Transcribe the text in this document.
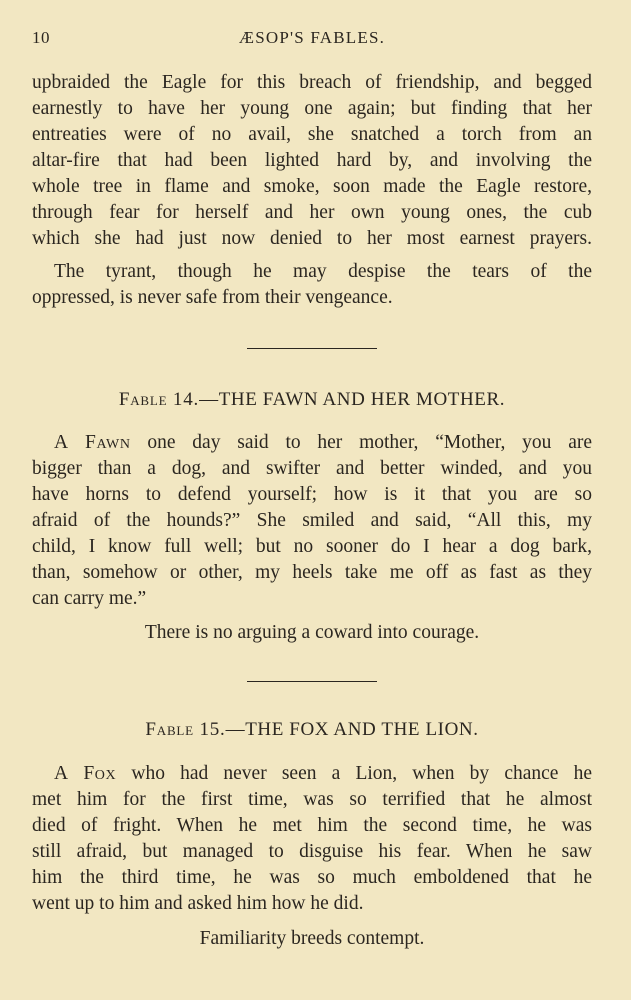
10	ÆSOP'S FABLES.
upbraided the Eagle for this breach of friendship, and begged
earnestly to have her young one again; but finding that her
entreaties were of no avail, she snatched a torch from an
altar-fire that had been lighted hard by, and involving the
whole tree in flame and smoke, soon made the Eagle restore,
through fear for herself and her own young ones, the cub
which she had just now denied to her most earnest prayers.
The tyrant, though he may despise the tears of the
oppressed, is never safe from their vengeance.
Fable 14.—THE FAWN AND HER MOTHER.
A Fawn one day said to her mother, “Mother, you are
bigger than a dog, and swifter and better winded, and you
have horns to defend yourself; how is it that you are so
afraid of the hounds?” She smiled and said, “All this, my
child, I know full well; but no sooner do I hear a dog bark,
than, somehow or other, my heels take me off as fast as they
can carry me.”
There is no arguing a coward into courage.
Fable 15.—THE FOX AND THE LION.
A Fox who had never seen a Lion, when by chance he
met him for the first time, was so terrified that he almost
died of fright. When he met him the second time, he was
still afraid, but managed to disguise his fear. When he saw
him the third time, he was so much emboldened that he
went up to him and asked him how he did.
Familiarity breeds contempt.
